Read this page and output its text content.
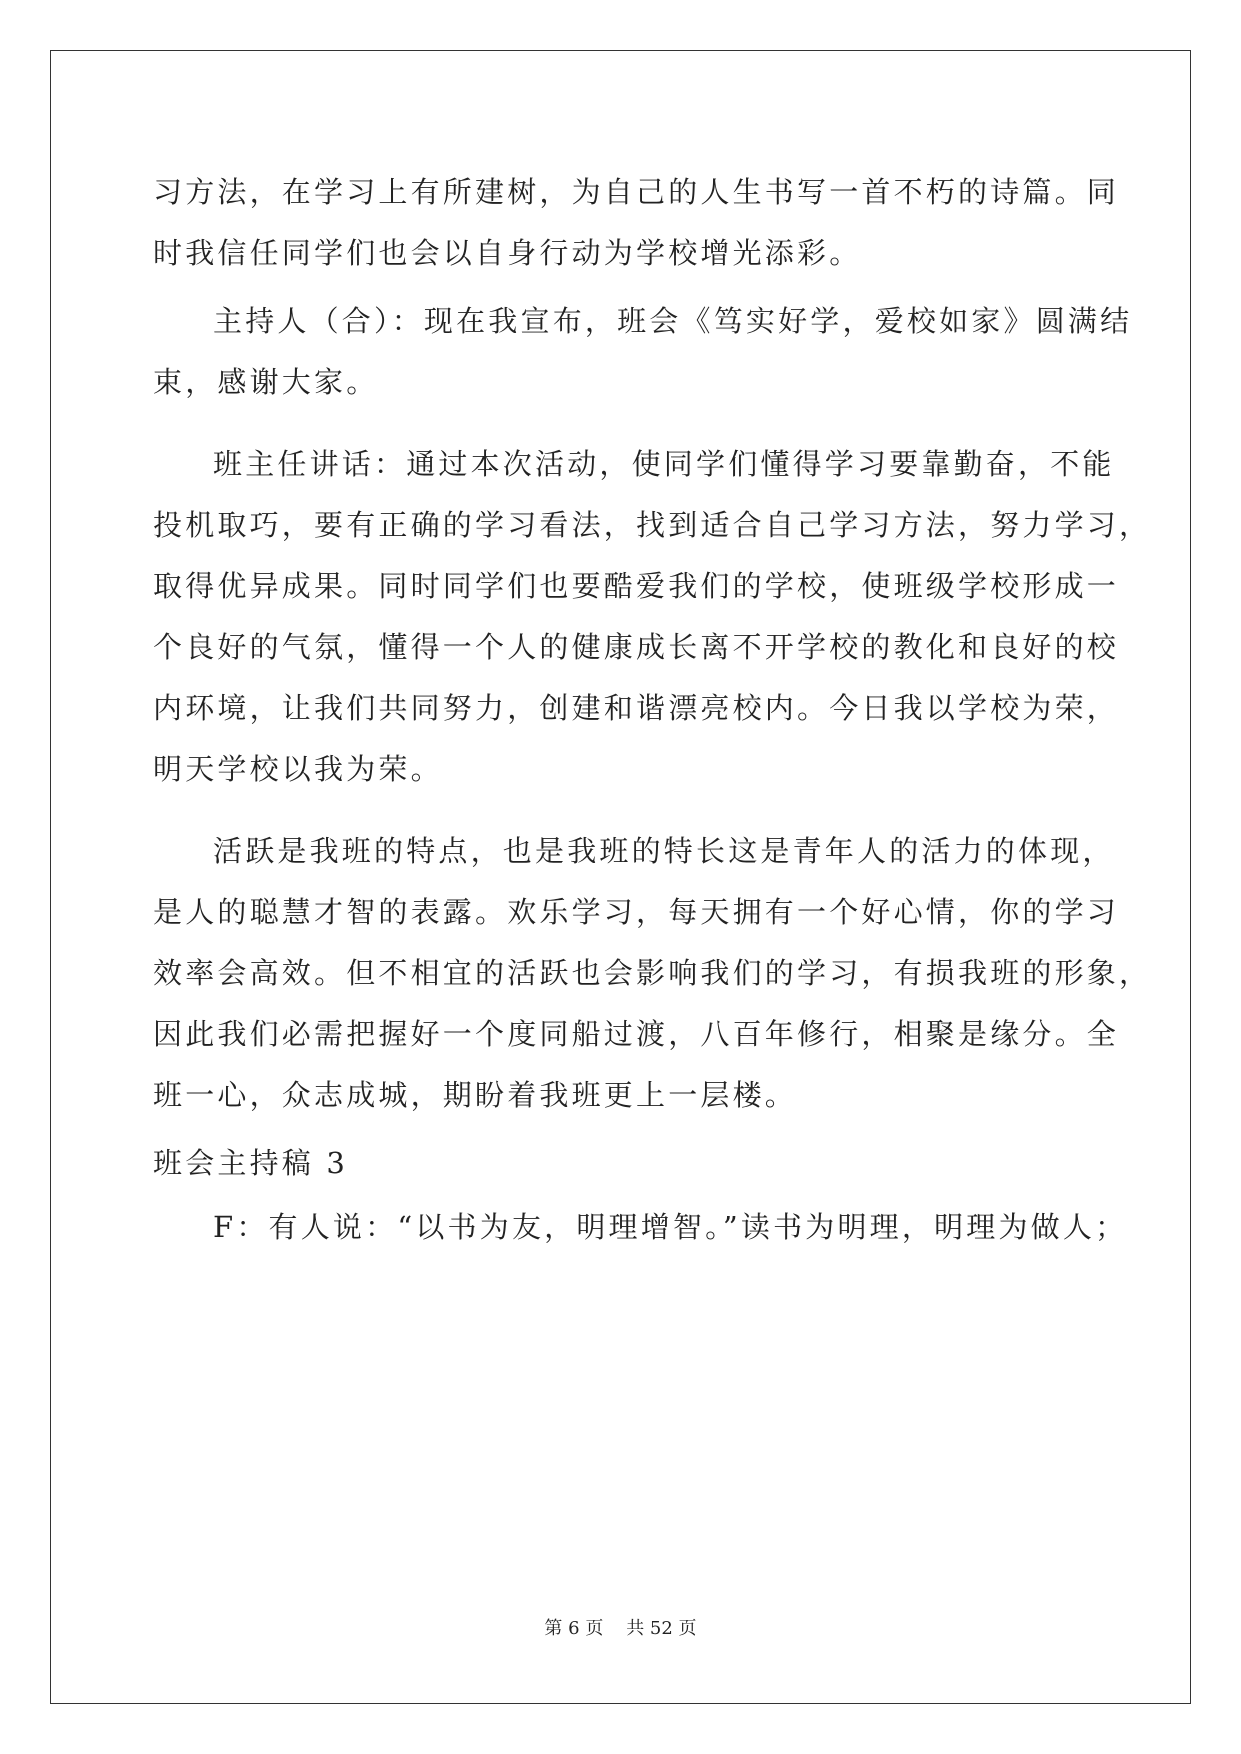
习方法，在学习上有所建树，为自己的人生书写一首不朽的诗篇。同
时我信任同学们也会以自身行动为学校增光添彩。
主持人（合）：现在我宣布，班会《笃实好学，爱校如家》圆满结
束，感谢大家。
班主任讲话：通过本次活动，使同学们懂得学习要靠勤奋，不能
投机取巧，要有正确的学习看法，找到适合自己学习方法，努力学习，
取得优异成果。同时同学们也要酷爱我们的学校，使班级学校形成一
个良好的气氛，懂得一个人的健康成长离不开学校的教化和良好的校
内环境，让我们共同努力，创建和谐漂亮校内。今日我以学校为荣，
明天学校以我为荣。
活跃是我班的特点，也是我班的特长这是青年人的活力的体现，
是人的聪慧才智的表露。欢乐学习，每天拥有一个好心情，你的学习
效率会高效。但不相宜的活跃也会影响我们的学习，有损我班的形象，
因此我们必需把握好一个度同船过渡，八百年修行，相聚是缘分。全
班一心，众志成城，期盼着我班更上一层楼。
班会主持稿 3
F：有人说：“以书为友，明理增智。”读书为明理，明理为做人；
第 6 页    共 52 页
